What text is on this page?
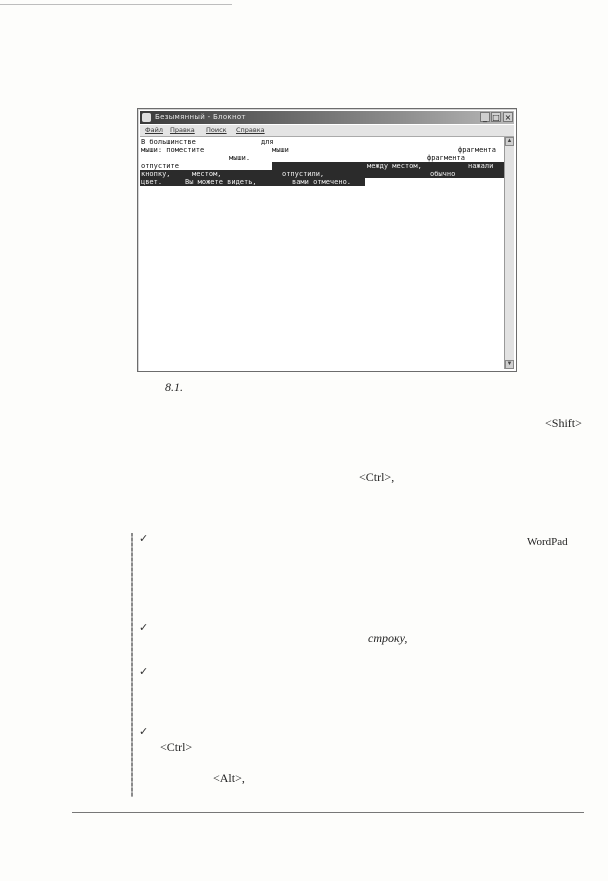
Безымянный - Блокнот	_ □ ×
Файл Правка Поиск Справка
В большинстве	для
мыши: поместите	мыши	фрагмента
мыши.	фрагмента
отпустите	между местом,	нажали
кнопку,	местом,	отпустили,	обычно
цвет.	Вы можете видеть,	вами отмечено.
▲
▼
8.1.
<Shift>
<Ctrl>,
WordPad
✓
✓
✓
✓
строку,
<Ctrl>
<Alt>,
